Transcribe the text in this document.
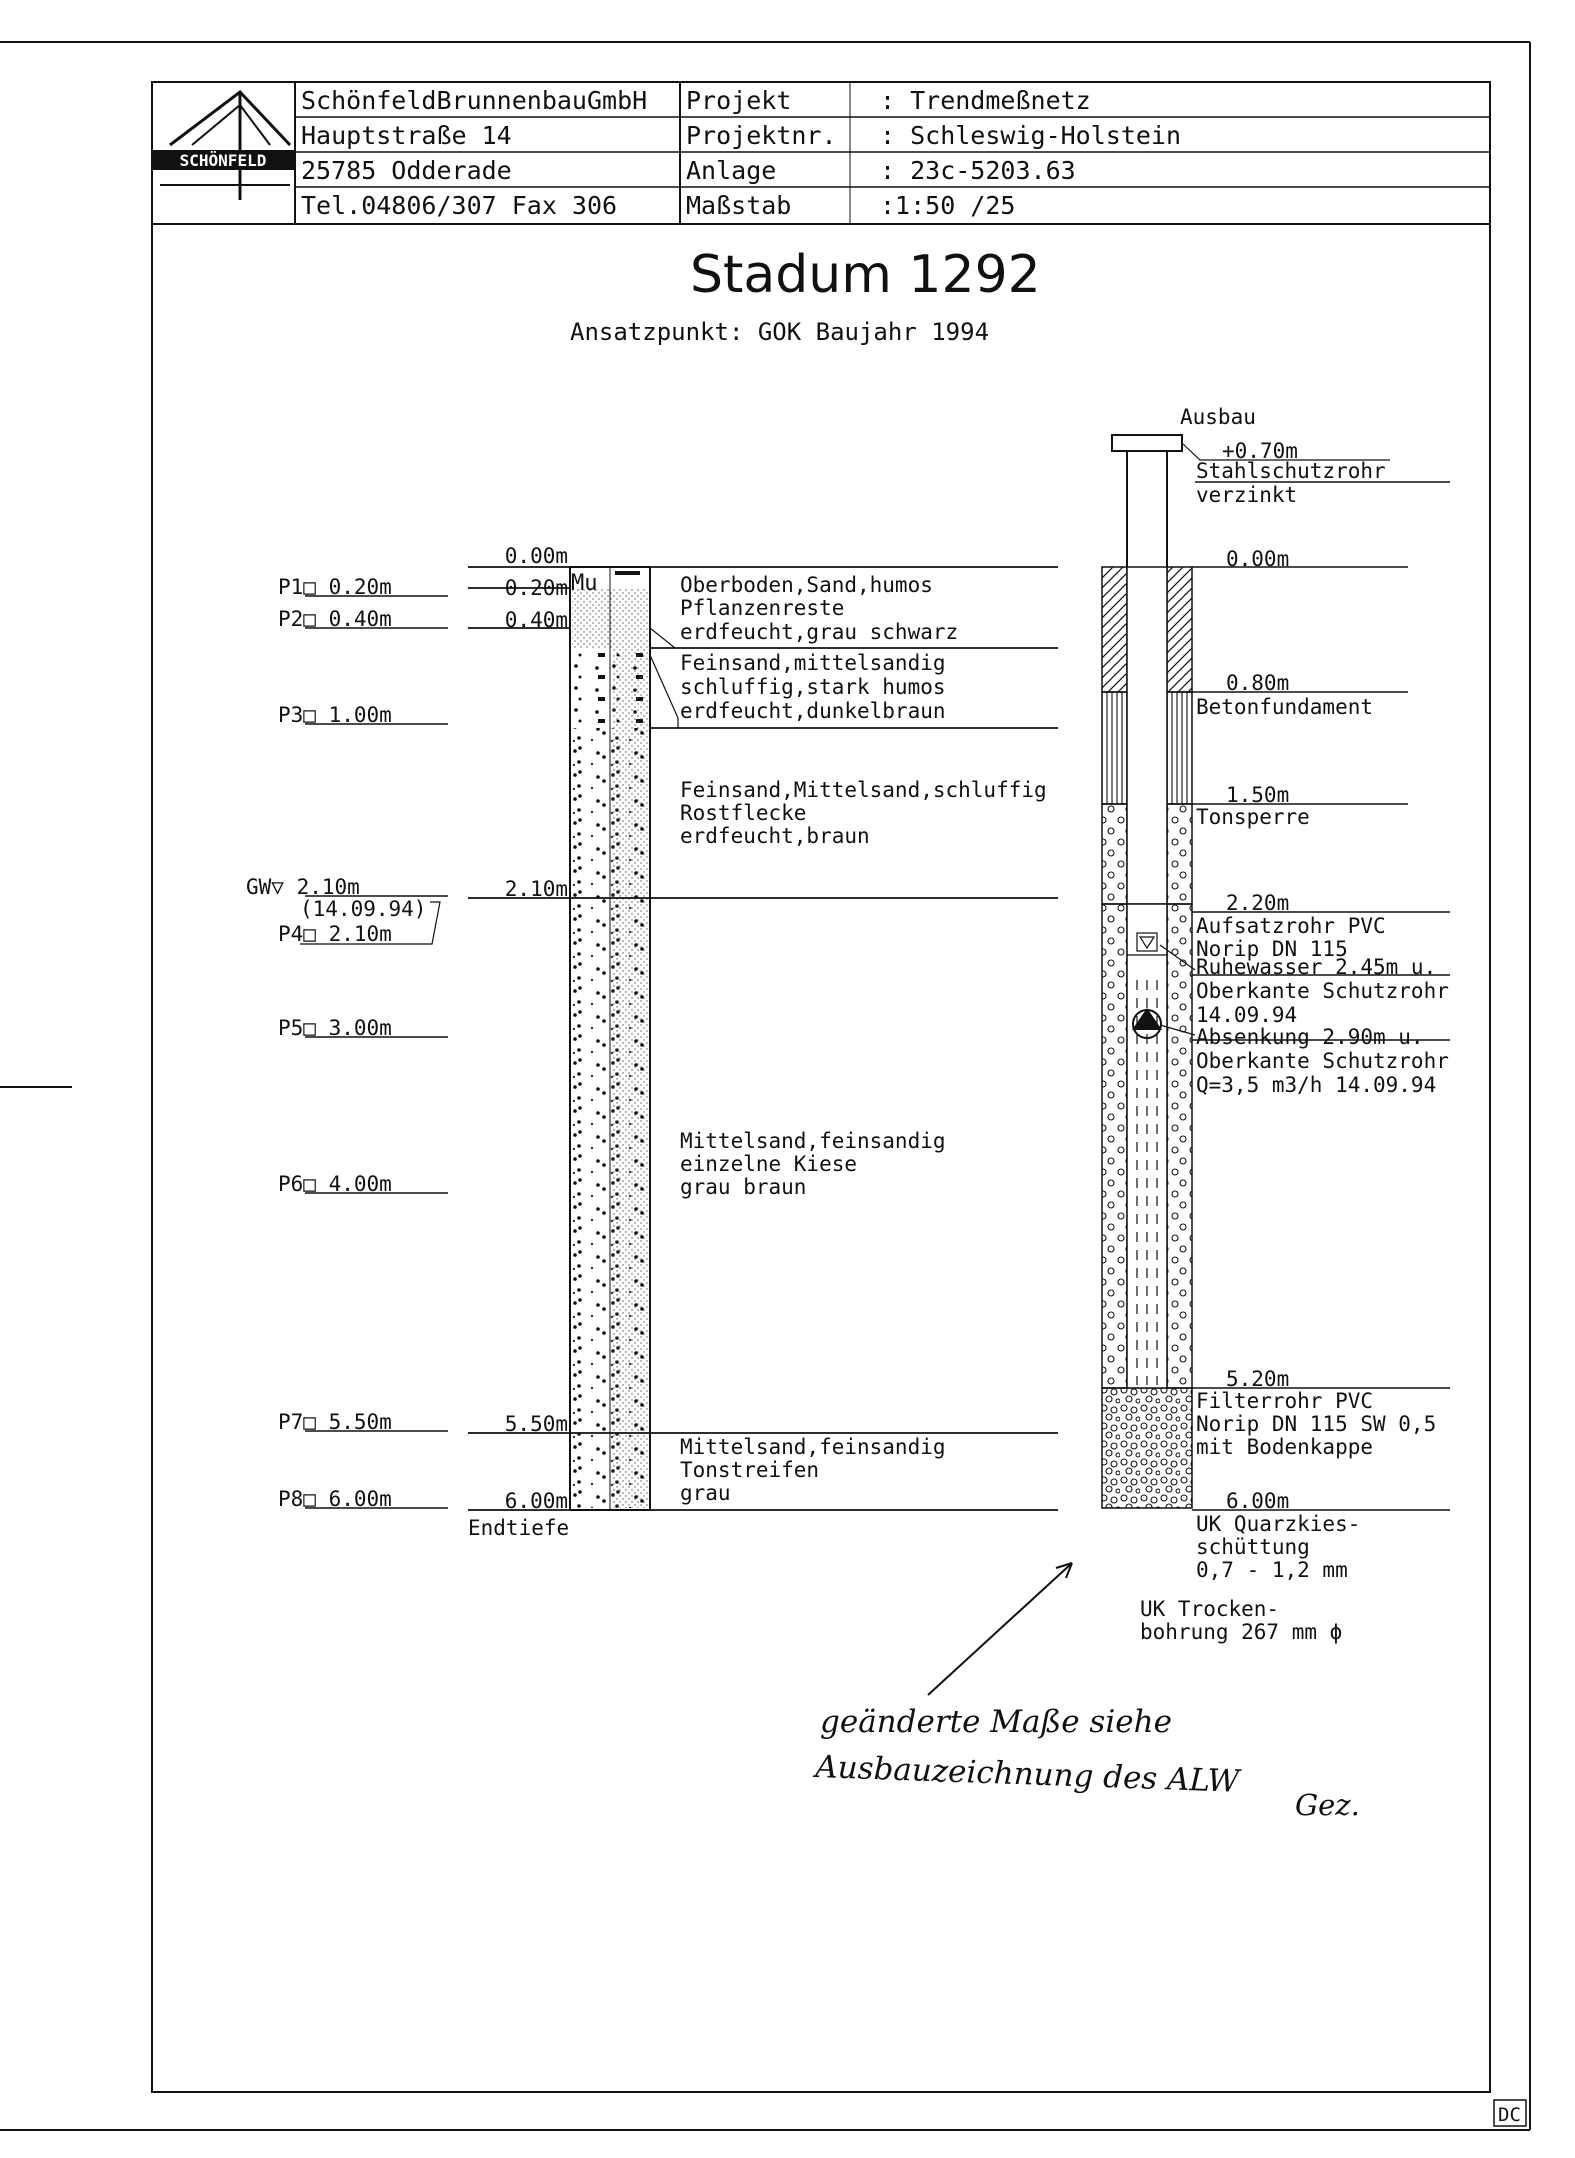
SCHÖNFELD
SchönfeldBrunnenbauGmbH
Hauptstraße 14
25785 Odderade
Tel.04806/307 Fax 306
Projekt
Projektnr.
Anlage
Maßstab
: Trendmeßnetz
: Schleswig-Holstein
: 23c-5203.63
:1:50 /25
Stadum 1292
Ansatzpunkt: GOK Baujahr 1994
Mu
0.00m
0.20m
0.40m
2.10m
5.50m
6.00m
Endtiefe
Oberboden,Sand,humos
Pflanzenreste
erdfeucht,grau schwarz
Feinsand,mittelsandig
schluffig,stark humos
erdfeucht,dunkelbraun
Feinsand,Mittelsand,schluffig
Rostflecke
erdfeucht,braun
Mittelsand,feinsandig
einzelne Kiese
grau braun
Mittelsand,feinsandig
Tonstreifen
grau
P1□ 0.20m
P2□ 0.40m
P3□ 1.00m
GW▽ 2.10m
(14.09.94)
P4□ 2.10m
P5□ 3.00m
P6□ 4.00m
P7□ 5.50m
P8□ 6.00m
Ausbau
+0.70m
Stahlschutzrohr
verzinkt
0.00m
0.80m
Betonfundament
1.50m
Tonsperre
2.20m
Aufsatzrohr PVC
Norip DN 115
Ruhewasser 2.45m u.
Oberkante Schutzrohr
14.09.94
Absenkung 2.90m u.
Oberkante Schutzrohr
Q=3,5 m3/h 14.09.94
5.20m
Filterrohr PVC
Norip DN 115 SW 0,5
mit Bodenkappe
6.00m
UK Quarzkies-
schüttung
0,7 - 1,2 mm
UK Trocken-
bohrung 267 mm ϕ
geänderte Maße siehe
Ausbauzeichnung des ALW
Gez.
DC
